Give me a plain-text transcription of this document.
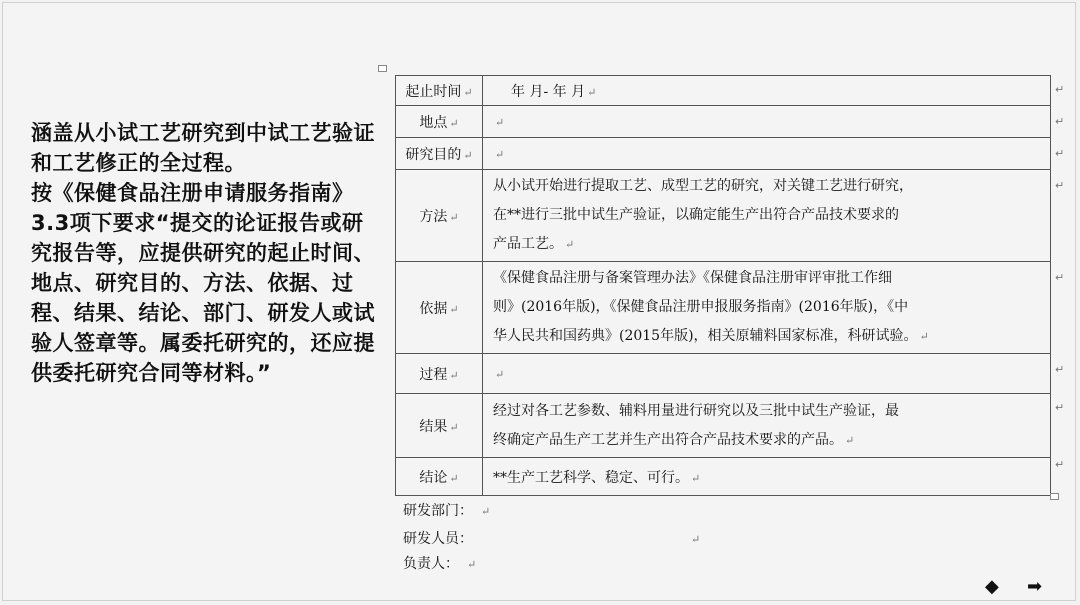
涵盖从小试工艺研究到中试工艺验证和工艺修正的全过程。

按《保健食品注册申请服务指南》3.3项下要求“提交的论证报告或研究报告等，应提供研究的起止时间、地点、研究目的、方法、依据、过程、结果、结论、部门、研发人或试验人签章等。属委托研究的，还应提供委托研究合同等材料。”

起止时间 ↵	年 月- 年 月 ↵
地点 ↵	↵
研究目的 ↵	↵
方法 ↵	从小试开始进行提取工艺、成型工艺的研究，对关键工艺进行研究，

在**进行三批中试生产验证，以确定能生产出符合产品技术要求的

产品工艺。 ↵

依据 ↵	《保健食品注册与备案管理办法》《保健食品注册审评审批工作细

则》(2016年版)，《保健食品注册申报服务指南》(2016年版)，《中

华人民共和国药典》(2015年版)，相关原辅料国家标准，科研试验。 ↵

过程 ↵	↵
结果 ↵	经过对各工艺参数、辅料用量进行研究以及三批中试生产验证，最

终确定产品生产工艺并生产出符合产品技术要求的产品。 ↵

结论 ↵	**生产工艺科学、稳定、可行。 ↵
↵
↵
↵
↵
↵
↵
↵
↵
研发部门： ↵
研发人员：	↵
负责人： ↵
◆ ➡
